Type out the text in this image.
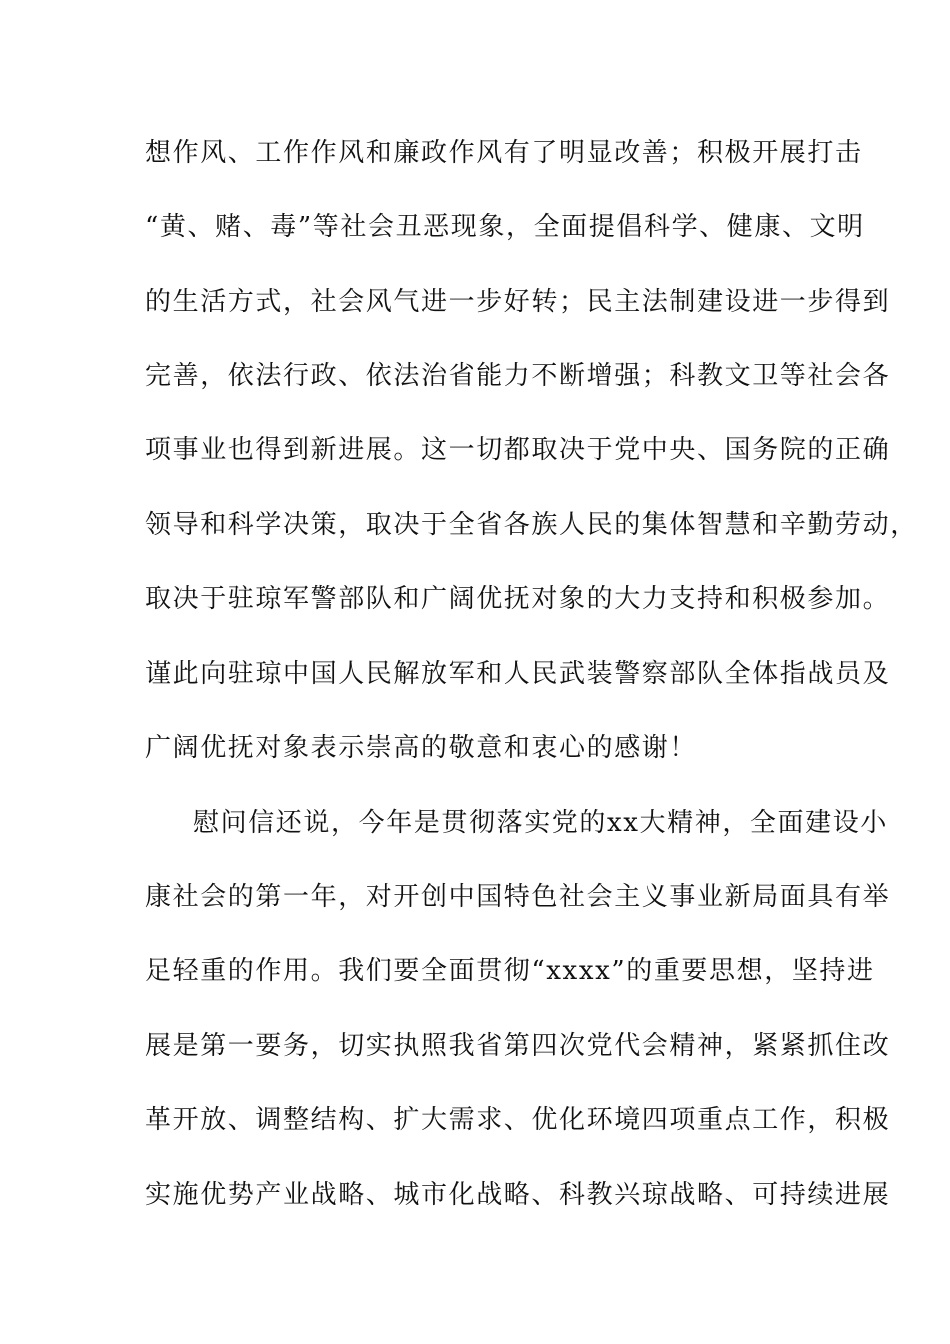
想作风、工作作风和廉政作风有了明显改善；积极开展打击
“黄、赌、毒”等社会丑恶现象，全面提倡科学、健康、文明
的生活方式，社会风气进一步好转；民主法制建设进一步得到
完善，依法行政、依法治省能力不断增强；科教文卫等社会各
项事业也得到新进展。这一切都取决于党中央、国务院的正确
领导和科学决策，取决于全省各族人民的集体智慧和辛勤劳动，
取决于驻琼军警部队和广阔优抚对象的大力支持和积极参加。
谨此向驻琼中国人民解放军和人民武装警察部队全体指战员及
广阔优抚对象表示崇高的敬意和衷心的感谢！
慰问信还说，今年是贯彻落实党的xx大精神，全面建设小
康社会的第一年，对开创中国特色社会主义事业新局面具有举
足轻重的作用。我们要全面贯彻“xxxx”的重要思想，坚持进
展是第一要务，切实执照我省第四次党代会精神，紧紧抓住改
革开放、调整结构、扩大需求、优化环境四项重点工作，积极
实施优势产业战略、城市化战略、科教兴琼战略、可持续进展
